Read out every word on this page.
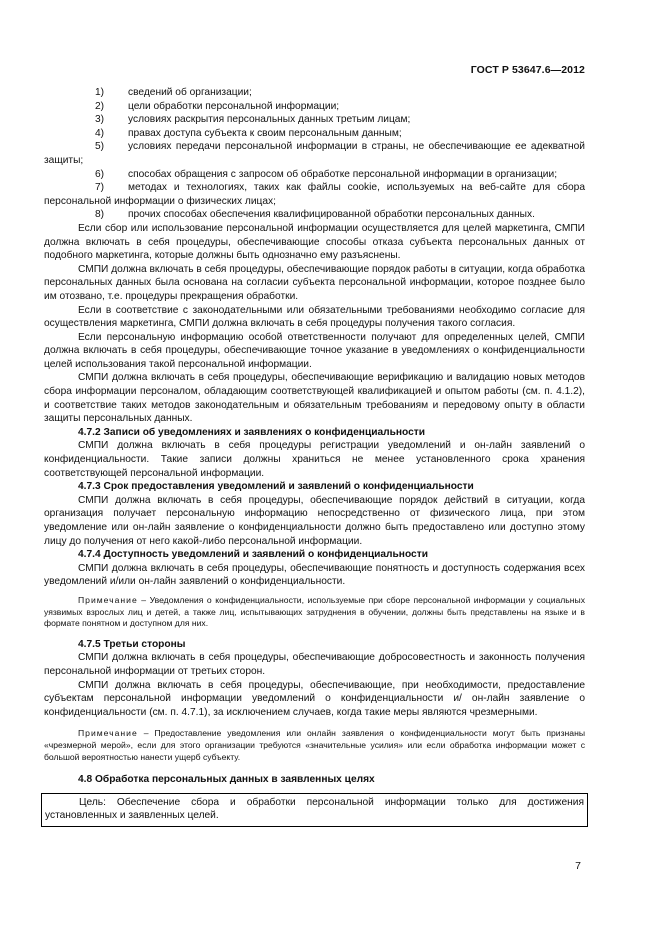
ГОСТ Р 53647.6—2012

1) сведений об организации;

2) цели обработки персональной информации;

3) условиях раскрытия персональных данных третьим лицам;

4) правах доступа субъекта к своим персональным данным;

5) условиях передачи персональной информации в страны, не обеспечивающие ее адекватной защиты;

6) способах обращения с запросом об обработке персональной информации в организации;

7) методах и технологиях, таких как файлы cookie, используемых на веб-сайте для сбора персональной информации о физических лицах;

8) прочих способах обеспечения квалифицированной обработки персональных данных.

Если сбор или использование персональной информации осуществляется для целей маркетинга, СМПИ должна включать в себя процедуры, обеспечивающие способы отказа субъекта персональных данных от подобного маркетинга, которые должны быть однозначно ему разъяснены.

СМПИ должна включать в себя процедуры, обеспечивающие порядок работы в ситуации, когда обработка персональных данных была основана на согласии субъекта персональной информации, которое позднее было им отозвано, т.е. процедуры прекращения обработки.

Если в соответствие с законодательными или обязательными требованиями необходимо согласие для осуществления маркетинга, СМПИ должна включать в себя процедуры получения такого согласия.

Если персональную информацию особой ответственности получают для определенных целей, СМПИ должна включать в себя процедуры, обеспечивающие точное указание в уведомлениях о конфиденциальности целей использования такой персональной информации.

СМПИ должна включать в себя процедуры, обеспечивающие верификацию и валидацию новых методов сбора информации персоналом, обладающим соответствующей квалификацией и опытом работы (см. п. 4.1.2), и соответствие таких методов законодательным и обязательным требованиям и передовому опыту в области защиты персональных данных.

4.7.2 Записи об уведомлениях и заявлениях о конфиденциальности

СМПИ должна включать в себя процедуры регистрации уведомлений и он-лайн заявлений о конфиденциальности. Такие записи должны храниться не менее установленного срока хранения соответствующей персональной информации.

4.7.3 Срок предоставления уведомлений и заявлений о конфиденциальности

СМПИ должна включать в себя процедуры, обеспечивающие порядок действий в ситуации, когда организация получает персональную информацию непосредственно от физического лица, при этом уведомление или он-лайн заявление о конфиденциальности должно быть предоставлено или доступно этому лицу до получения от него какой-либо персональной информации.

4.7.4 Доступность уведомлений и заявлений о конфиденциальности

СМПИ должна включать в себя процедуры, обеспечивающие понятность и доступность содержания всех уведомлений и/или он-лайн заявлений о конфиденциальности.

Примечание – Уведомления о конфиденциальности, используемые при сборе персональной информации у социальных уязвимых взрослых лиц и детей, а также лиц, испытывающих затруднения в обучении, должны быть представлены на языке и в формате понятном и доступном для них.

4.7.5 Третьи стороны

СМПИ должна включать в себя процедуры, обеспечивающие добросовестность и законность получения персональной информации от третьих сторон.

СМПИ должна включать в себя процедуры, обеспечивающие, при необходимости, предоставление субъектам персональной информации уведомлений о конфиденциальности и/ он-лайн заявление о конфиденциальности (см. п. 4.7.1), за исключением случаев, когда такие меры являются чрезмерными.

Примечание – Предоставление уведомления или онлайн заявления о конфиденциальности могут быть признаны «чрезмерной мерой», если для этого организации требуются «значительные усилия» или если обработка информации может с большой вероятностью нанести ущерб субъекту.

4.8 Обработка персональных данных в заявленных целях

Цель: Обеспечение сбора и обработки персональной информации только для достижения установленных и заявленных целей.

7
